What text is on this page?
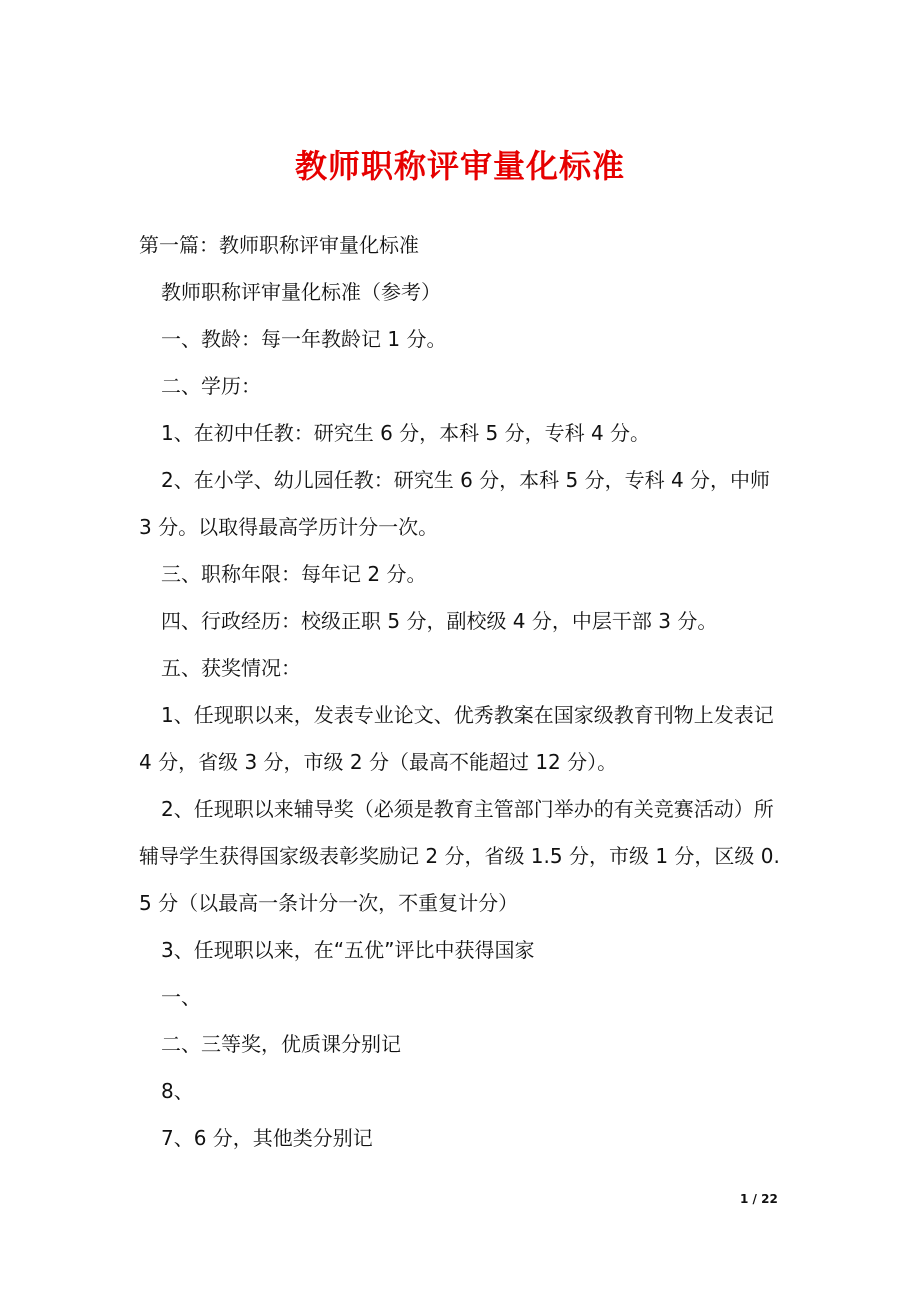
教师职称评审量化标准

第一篇：教师职称评审量化标准

教师职称评审量化标准（参考）

一、教龄：每一年教龄记 1 分。

二、学历：

1、在初中任教：研究生 6 分，本科 5 分，专科 4 分。

2、在小学、幼儿园任教：研究生 6 分，本科 5 分，专科 4 分，中师 3 分。以取得最高学历计分一次。

三、职称年限：每年记 2 分。

四、行政经历：校级正职 5 分，副校级 4 分，中层干部 3 分。

五、获奖情况：

1、任现职以来，发表专业论文、优秀教案在国家级教育刊物上发表记 4 分，省级 3 分，市级 2 分（最高不能超过 12 分）。

2、任现职以来辅导奖（必须是教育主管部门举办的有关竞赛活动）所辅导学生获得国家级表彰奖励记 2 分，省级 1.5 分，市级 1 分，区级 0.5 分（以最高一条计分一次，不重复计分）

3、任现职以来，在“五优”评比中获得国家

一、

二、三等奖，优质课分别记

8、

7、6 分，其他类分别记

1 / 22
